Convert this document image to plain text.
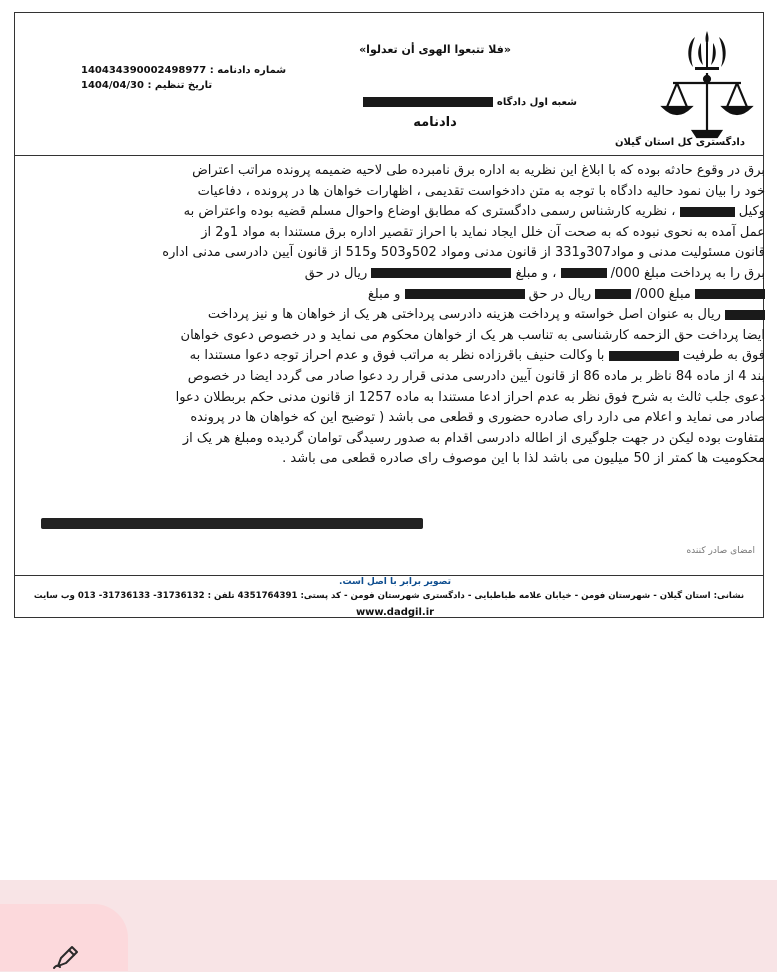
دادگستری کل استان گیلان
«فلا تتبعوا الهوی أن تعدلوا»
شماره دادنامه : 140434390002498977
تاریخ تنظیم : 1404/04/30
شعبه اول دادگاه
دادنامه

برق در وقوع حادثه بوده که با ابلاغ این نظریه به اداره برق نامبرده طی لاحیه ضمیمه پرونده مراتب اعتراض

خود را بیان نمود حالیه دادگاه با توجه به متن دادخواست تقدیمی ، اظهارات خواهان ها در پرونده ، دفاعیات

وکیل  ، نظریه کارشناس رسمی دادگستری که مطابق اوضاع واحوال مسلم قضیه بوده واعتراض به

عمل آمده به نحوی نبوده که به صحت آن خلل ایجاد نماید با احراز تقصیر اداره برق مستندا به مواد 1و2 از

قانون مسئولیت مدنی و مواد307و331 از قانون مدنی ومواد 502و503 و515 از قانون آیین دادرسی مدنی اداره

برق را به پرداخت مبلغ 000/  ، و مبلغ  ریال در حق

مبلغ 000/  ریال در حق  و مبلغ

ریال به عنوان اصل خواسته و پرداخت هزینه دادرسی پرداختی هر یک از خواهان ها و نیز پرداخت

ایضا پرداخت حق الزحمه کارشناسی به تناسب هر یک از خواهان محکوم می نماید و در خصوص دعوی خواهان

فوق به طرفیت  با وکالت حنیف باقرزاده نظر به مراتب فوق و عدم احراز توجه دعوا مستندا به

بند 4 از ماده 84 ناظر بر ماده 86 از قانون آیین دادرسی مدنی قرار رد دعوا صادر می گردد ایضا در خصوص

دعوی جلب ثالث به شرح فوق نظر به عدم احراز ادعا مستندا به ماده 1257 از قانون مدنی حکم بربطلان دعوا

صادر می نماید و اعلام می دارد رای صادره حضوری و قطعی می باشد ( توضیح این که خواهان ها در پرونده

متفاوت بوده لیکن در جهت جلوگیری از اطاله دادرسی اقدام به صدور رسیدگی توامان گردیده ومبلغ هر یک از

محکومیت ها کمتر از 50 میلیون می باشد لذا با این موصوف رای صادره قطعی می باشد .

امضای صادر کننده
تصویر برابر با اصل است.
نشانی: استان گیلان - شهرستان فومن - خیابان علامه طباطبایی - دادگستری شهرستان فومن - کد پستی: 4351764391 تلفن : 31736132- 31736133- 013 وب سایت
www.dadgil.ir
